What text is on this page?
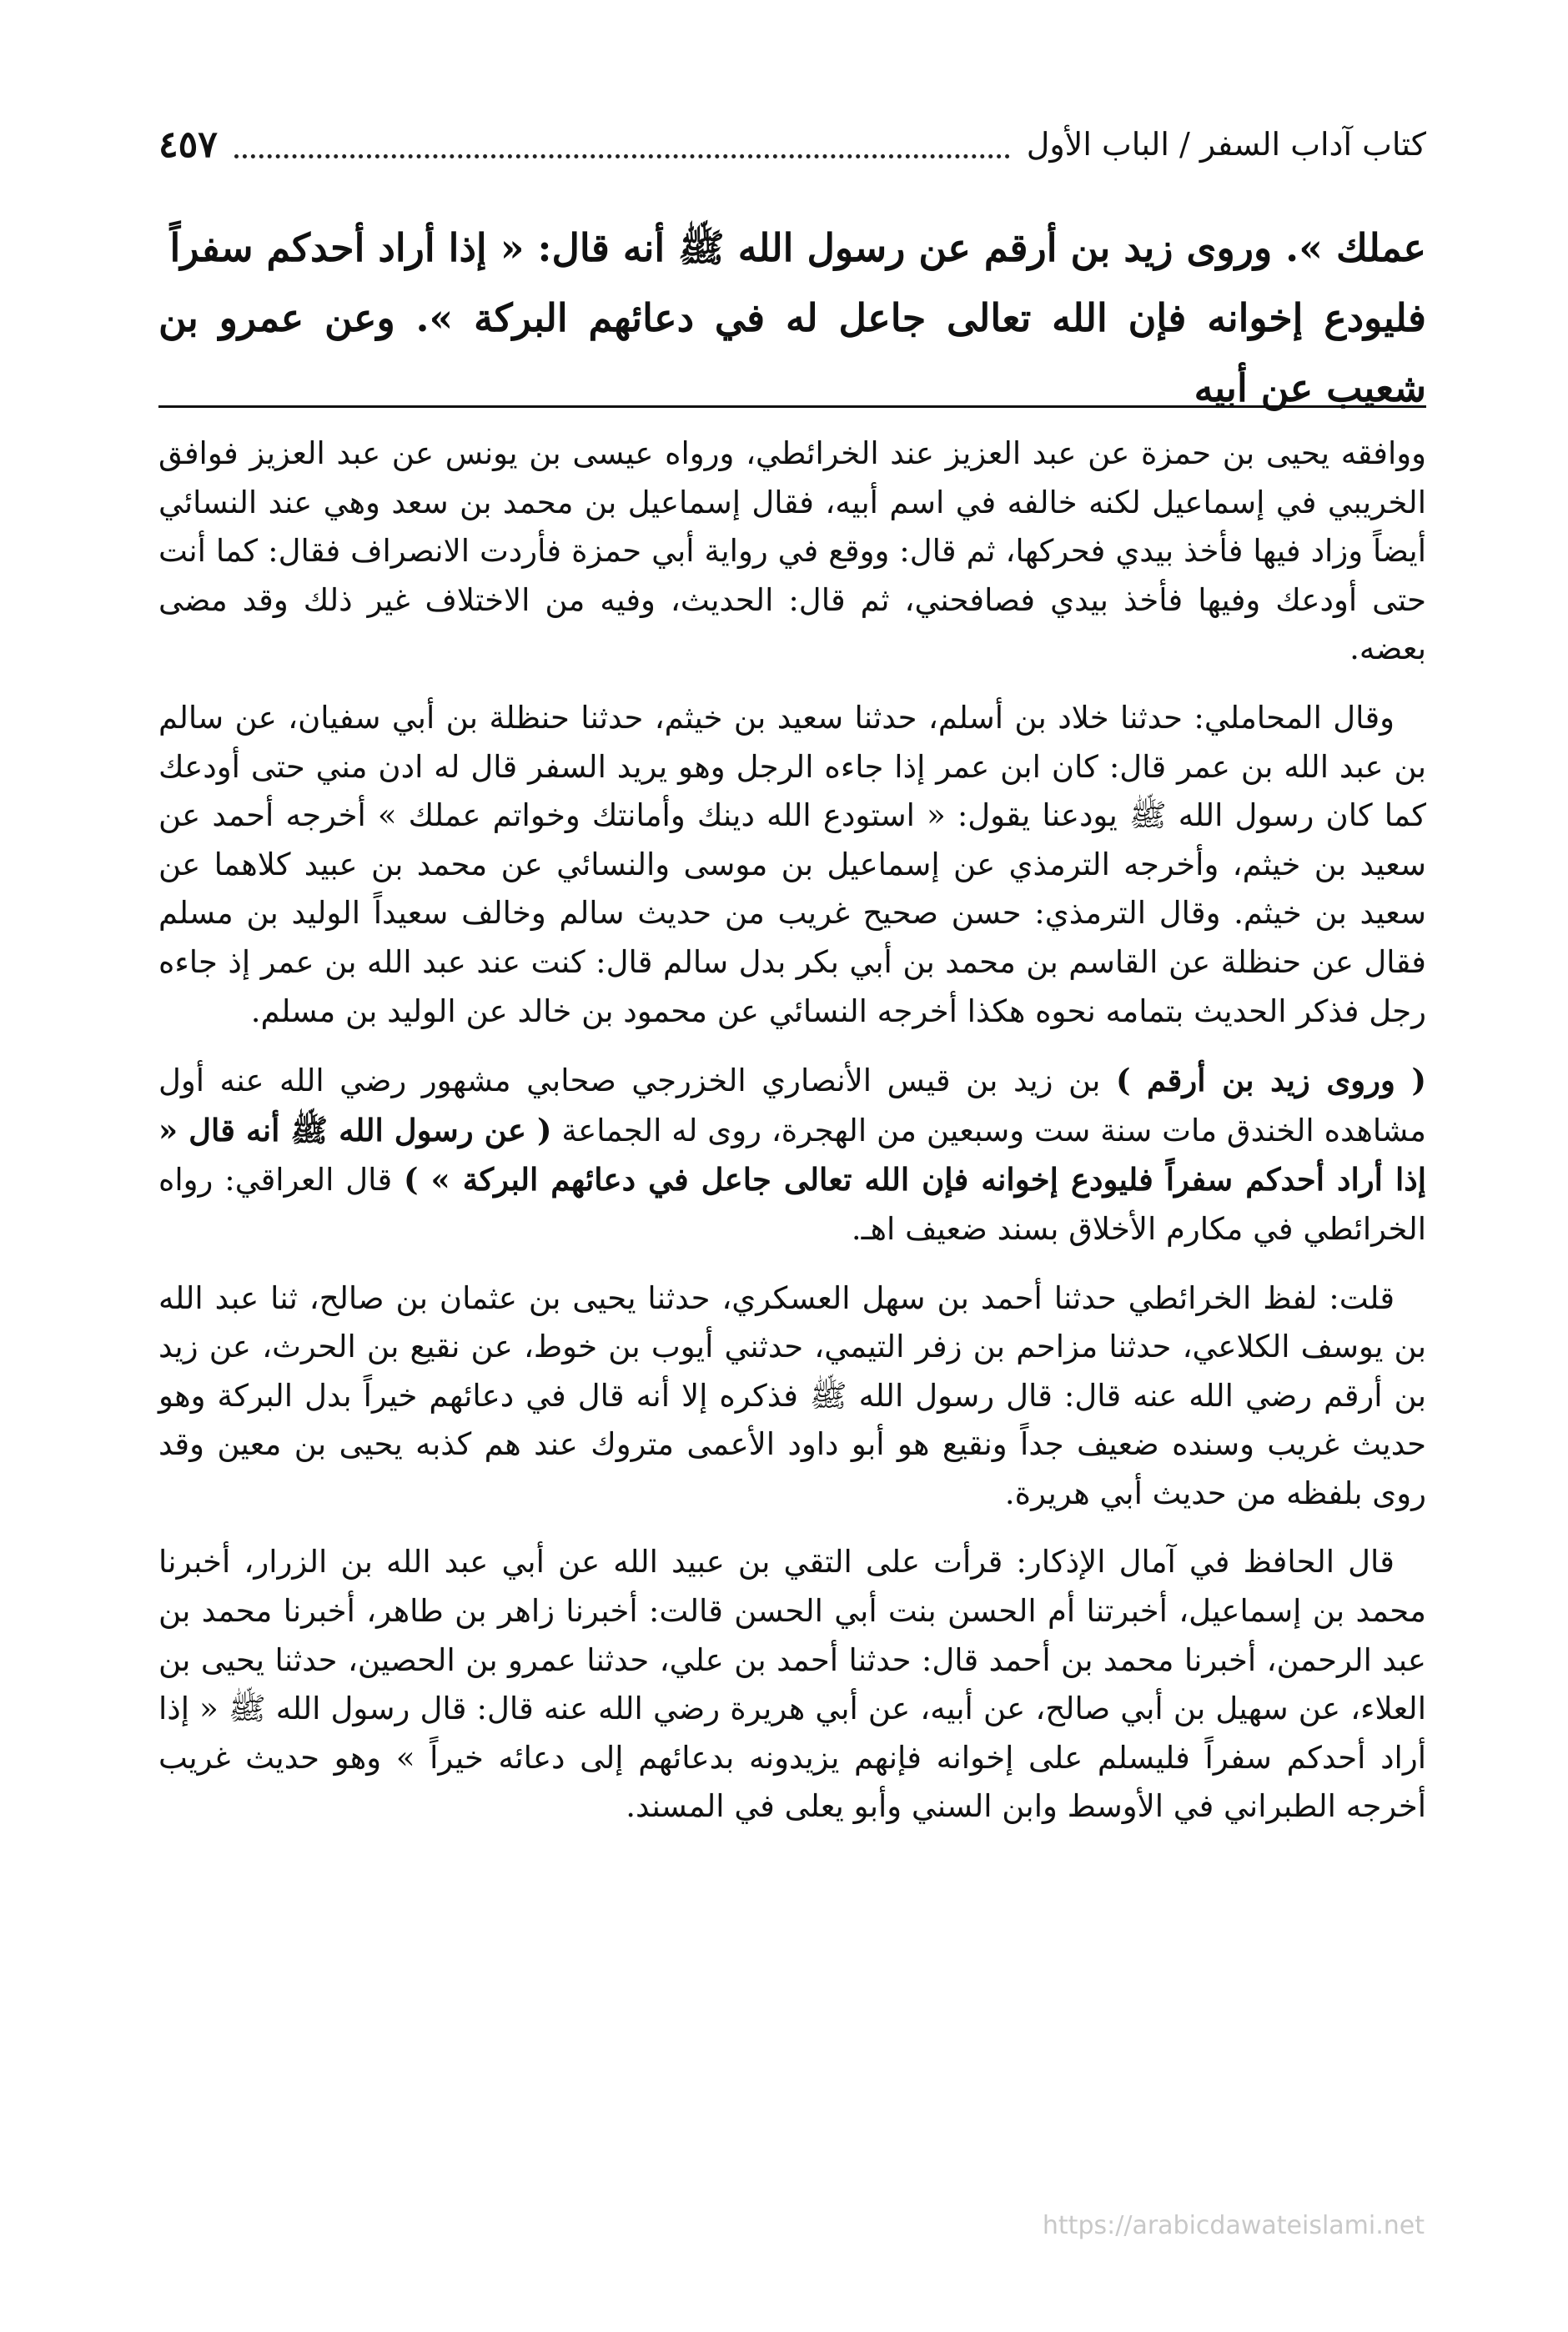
كتاب آداب السفر / الباب الأول
٤٥٧

عملك ». وروى زيد بن أرقم عن رسول الله ﷺ أنه قال: « إذا أراد أحدكم سفراً

فليودع إخوانه فإن الله تعالى جاعل له في دعائهم البركة ». وعن عمرو بن شعيب عن أبيه

ووافقه يحيى بن حمزة عن عبد العزيز عند الخرائطي، ورواه عيسى بن يونس عن عبد العزيز فوافق الخريبي في إسماعيل لكنه خالفه في اسم أبيه، فقال إسماعيل بن محمد بن سعد وهي عند النسائي أيضاً وزاد فيها فأخذ بيدي فحركها، ثم قال: ووقع في رواية أبي حمزة فأردت الانصراف فقال: كما أنت حتى أودعك وفيها فأخذ بيدي فصافحني، ثم قال: الحديث، وفيه من الاختلاف غير ذلك وقد مضى بعضه.

وقال المحاملي: حدثنا خلاد بن أسلم، حدثنا سعيد بن خيثم، حدثنا حنظلة بن أبي سفيان، عن سالم بن عبد الله بن عمر قال: كان ابن عمر إذا جاءه الرجل وهو يريد السفر قال له ادن مني حتى أودعك كما كان رسول الله ﷺ يودعنا يقول: « استودع الله دينك وأمانتك وخواتم عملك » أخرجه أحمد عن سعيد بن خيثم، وأخرجه الترمذي عن إسماعيل بن موسى والنسائي عن محمد بن عبيد كلاهما عن سعيد بن خيثم. وقال الترمذي: حسن صحيح غريب من حديث سالم وخالف سعيداً الوليد بن مسلم فقال عن حنظلة عن القاسم بن محمد بن أبي بكر بدل سالم قال: كنت عند عبد الله بن عمر إذ جاءه رجل فذكر الحديث بتمامه نحوه هكذا أخرجه النسائي عن محمود بن خالد عن الوليد بن مسلم.

( وروى زيد بن أرقم ) بن زيد بن قيس الأنصاري الخزرجي صحابي مشهور رضي الله عنه أول مشاهده الخندق مات سنة ست وسبعين من الهجرة، روى له الجماعة ( عن رسول الله ﷺ أنه قال « إذا أراد أحدكم سفراً فليودع إخوانه فإن الله تعالى جاعل في دعائهم البركة » ) قال العراقي: رواه الخرائطي في مكارم الأخلاق بسند ضعيف اهـ.

قلت: لفظ الخرائطي حدثنا أحمد بن سهل العسكري، حدثنا يحيى بن عثمان بن صالح، ثنا عبد الله بن يوسف الكلاعي، حدثنا مزاحم بن زفر التيمي، حدثني أيوب بن خوط، عن نقيع بن الحرث، عن زيد بن أرقم رضي الله عنه قال: قال رسول الله ﷺ فذكره إلا أنه قال في دعائهم خيراً بدل البركة وهو حديث غريب وسنده ضعيف جداً ونقيع هو أبو داود الأعمى متروك عند هم كذبه يحيى بن معين وقد روى بلفظه من حديث أبي هريرة.

قال الحافظ في آمال الإذكار: قرأت على التقي بن عبيد الله عن أبي عبد الله بن الزرار، أخبرنا محمد بن إسماعيل، أخبرتنا أم الحسن بنت أبي الحسن قالت: أخبرنا زاهر بن طاهر، أخبرنا محمد بن عبد الرحمن، أخبرنا محمد بن أحمد قال: حدثنا أحمد بن علي، حدثنا عمرو بن الحصين، حدثنا يحيى بن العلاء، عن سهيل بن أبي صالح، عن أبيه، عن أبي هريرة رضي الله عنه قال: قال رسول الله ﷺ « إذا أراد أحدكم سفراً فليسلم على إخوانه فإنهم يزيدونه بدعائهم إلى دعائه خيراً » وهو حديث غريب أخرجه الطبراني في الأوسط وابن السني وأبو يعلى في المسند.

https://arabicdawateislami.net
